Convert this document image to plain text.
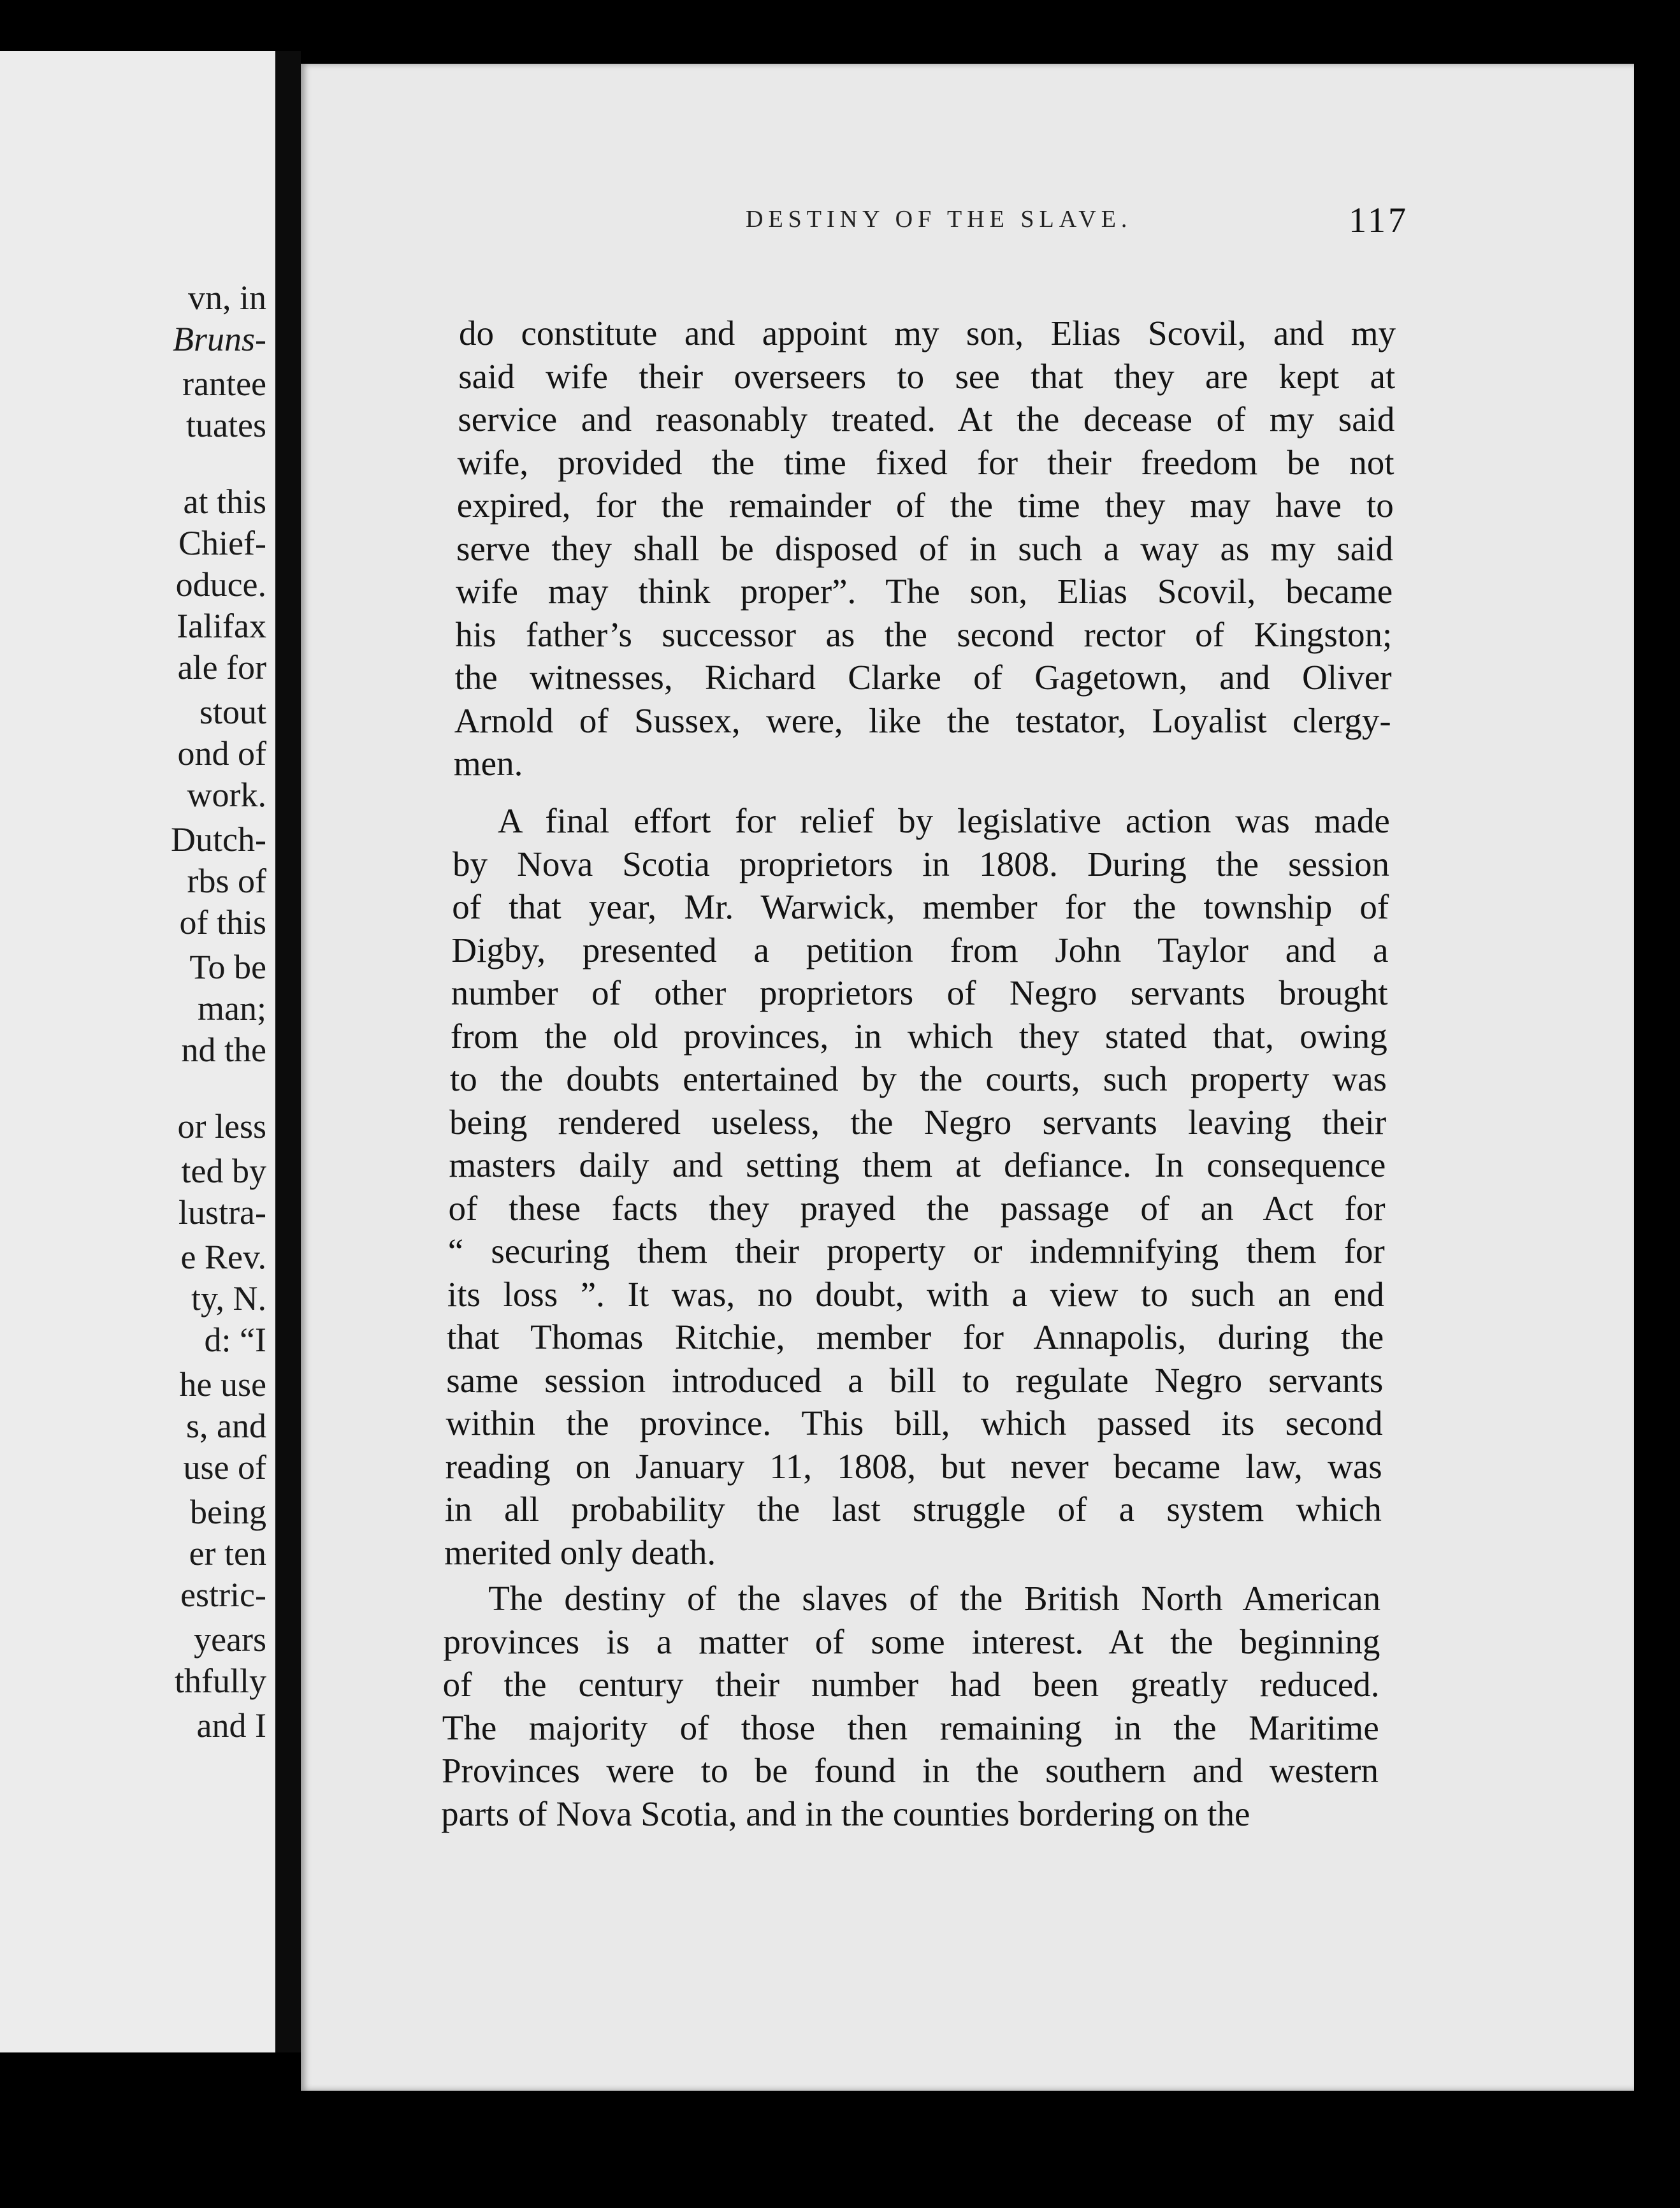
vn, in
Bruns-
rantee
tuates
at this
Chief-
oduce.
Ialifax
ale for
stout
ond of
work.
Dutch-
rbs of
of this
To be
man;
nd the
or less
ted by
lustra-
e Rev.
ty, N.
d: “I
he use
s, and
use of
being
er ten
estric-
years
thfully
and I
DESTINY OF THE SLAVE.	117
do constitute and appoint my son, Elias Scovil, and my
said wife their overseers to see that they are kept at
service and reasonably treated. At the decease of my said
wife, provided the time fixed for their freedom be not
expired, for the remainder of the time they may have to
serve they shall be disposed of in such a way as my said
wife may think proper”. The son, Elias Scovil, became
his father’s successor as the second rector of Kingston;
the witnesses, Richard Clarke of Gagetown, and Oliver
Arnold of Sussex, were, like the testator, Loyalist clergy-
men.
A final effort for relief by legislative action was made
by Nova Scotia proprietors in 1808. During the session
of that year, Mr. Warwick, member for the township of
Digby, presented a petition from John Taylor and a
number of other proprietors of Negro servants brought
from the old provinces, in which they stated that, owing
to the doubts entertained by the courts, such property was
being rendered useless, the Negro servants leaving their
masters daily and setting them at defiance. In consequence
of these facts they prayed the passage of an Act for
“ securing them their property or indemnifying them for
its loss ”. It was, no doubt, with a view to such an end
that Thomas Ritchie, member for Annapolis, during the
same session introduced a bill to regulate Negro servants
within the province. This bill, which passed its second
reading on January 11, 1808, but never became law, was
in all probability the last struggle of a system which
merited only death.
The destiny of the slaves of the British North American
provinces is a matter of some interest. At the beginning
of the century their number had been greatly reduced.
The majority of those then remaining in the Maritime
Provinces were to be found in the southern and western
parts of Nova Scotia, and in the counties bordering on the
